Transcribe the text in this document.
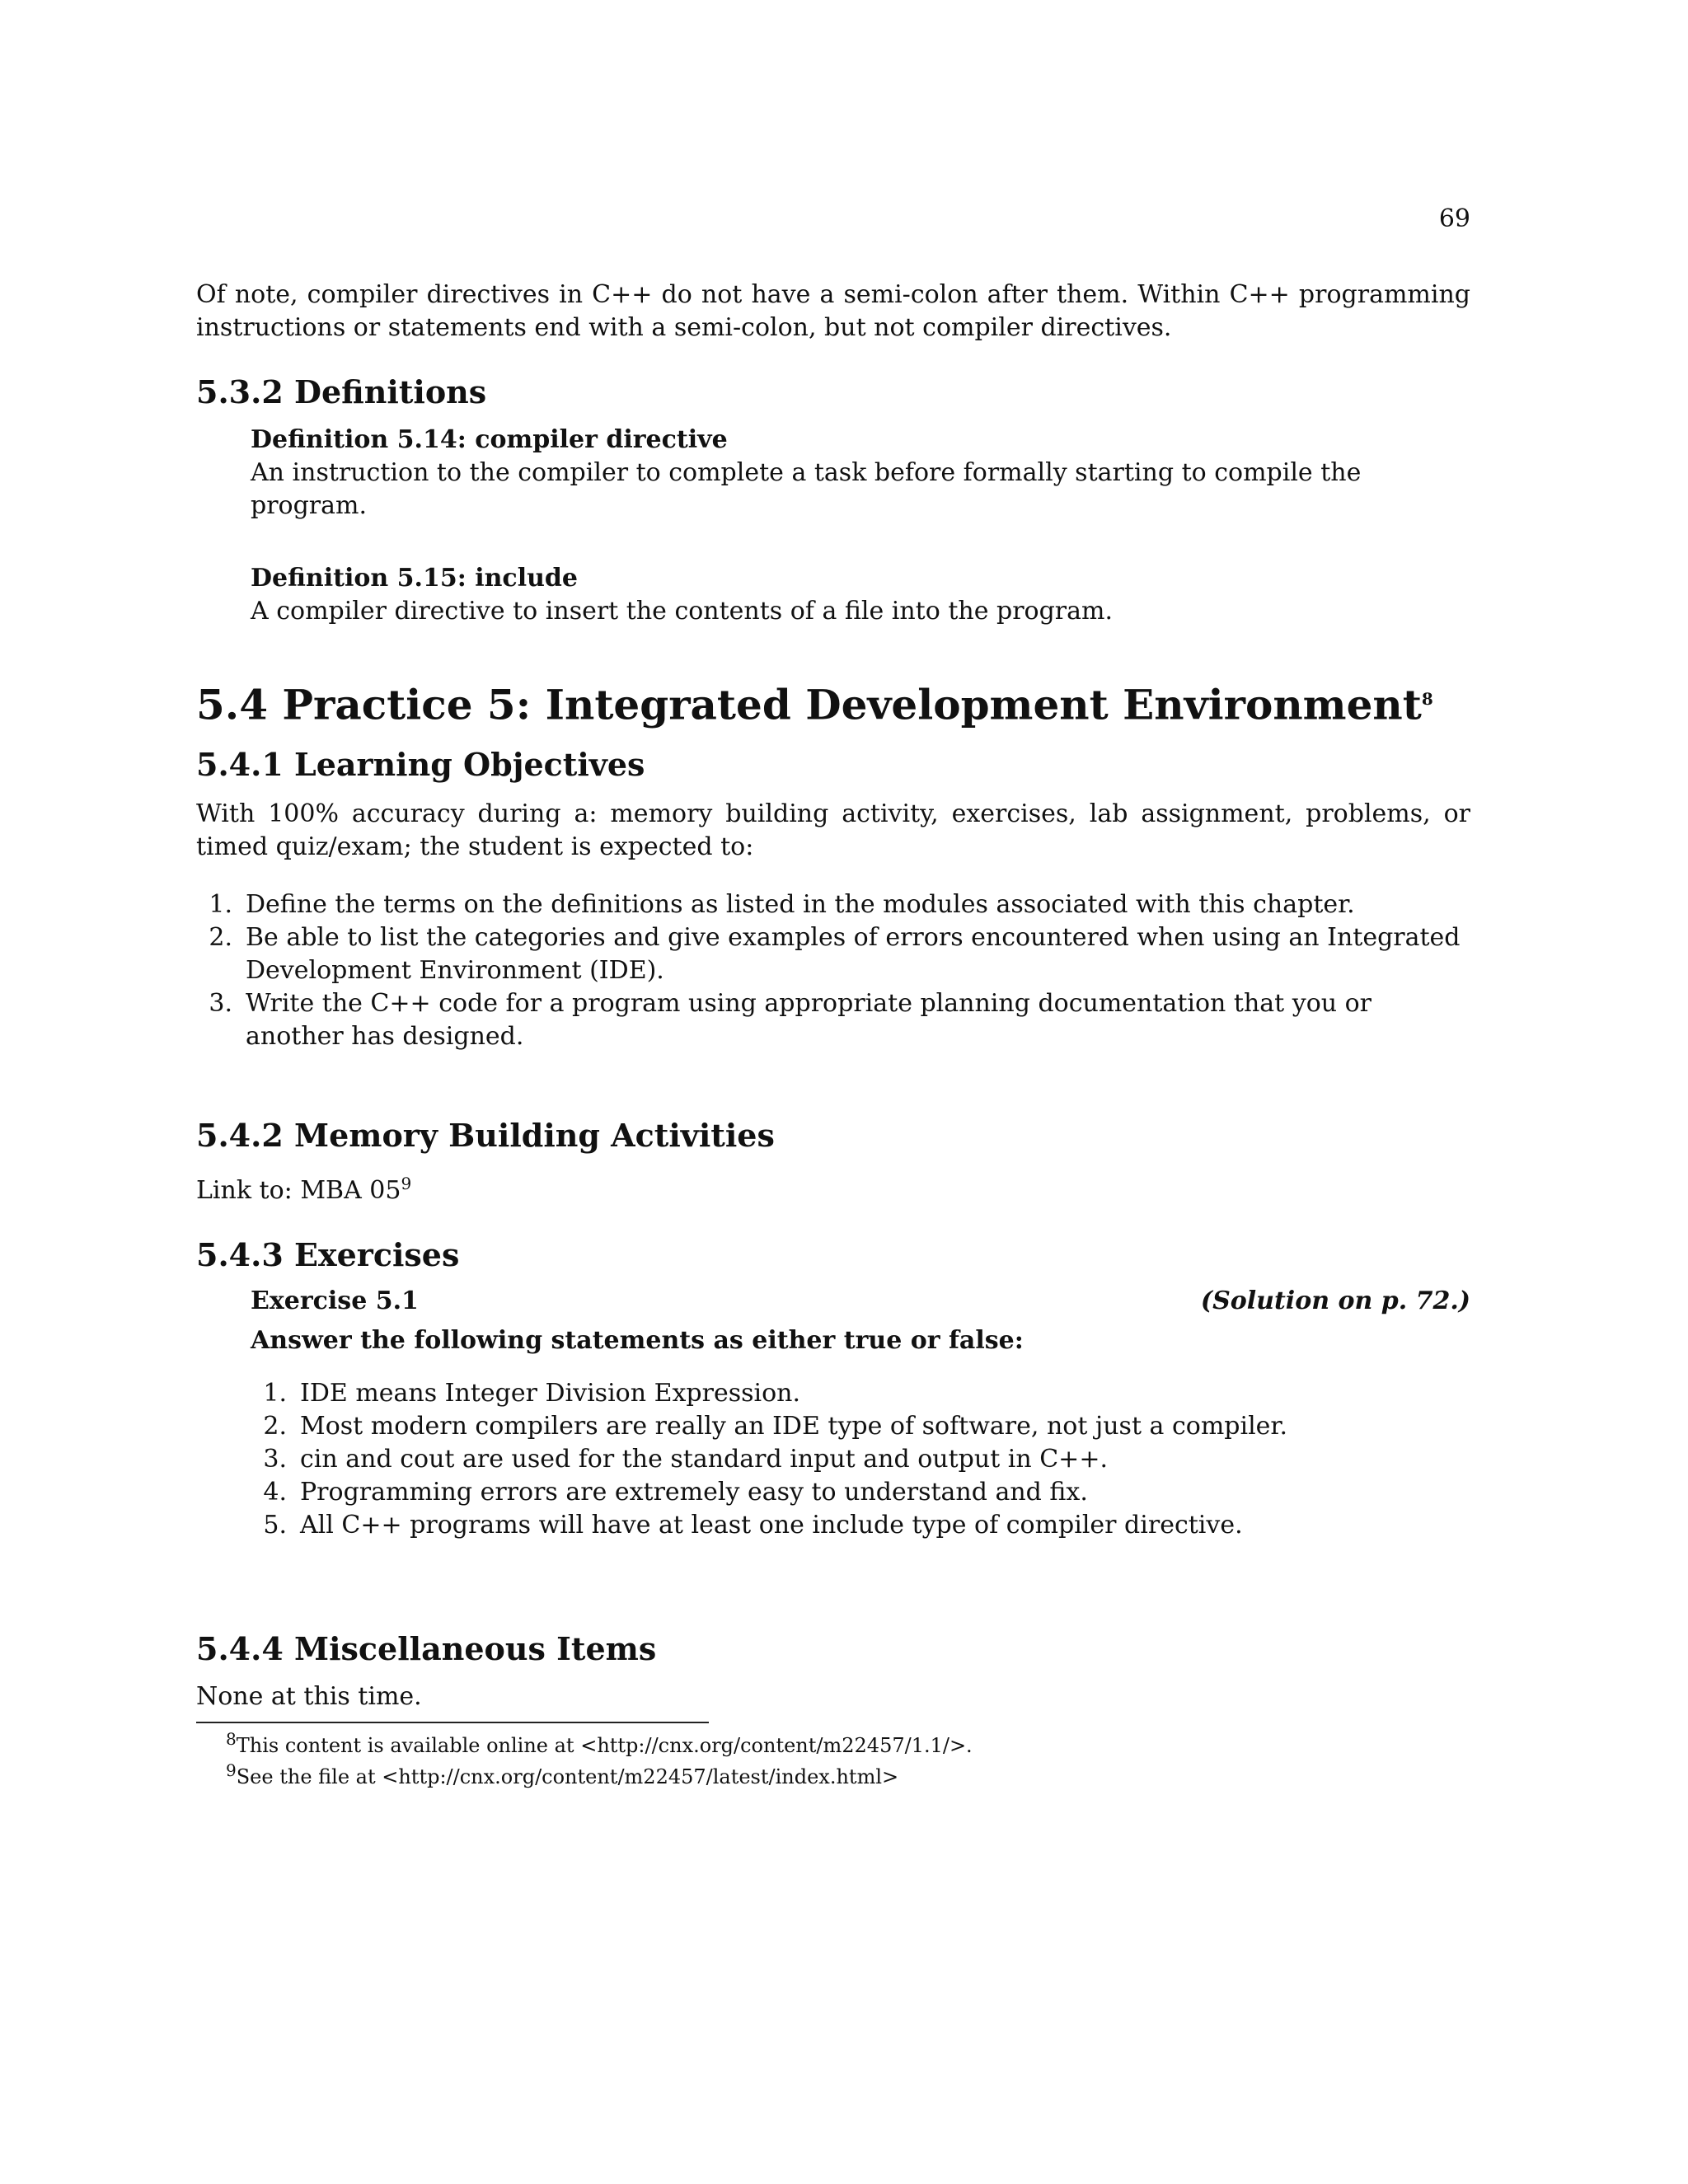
69

Of note, compiler directives in C++ do not have a semi-colon after them. Within C++ programming instructions or statements end with a semi-colon, but not compiler directives.

5.3.2 Definitions
Definition 5.14: compiler directive
An instruction to the compiler to complete a task before formally starting to compile the program.
Definition 5.15: include
A compiler directive to insert the contents of a file into the program.
5.4 Practice 5: Integrated Development Environment$^8$
5.4.1 Learning Objectives

With 100% accuracy during a: memory building activity, exercises, lab assignment, problems, or timed quiz/exam; the student is expected to:

1. Define the terms on the definitions as listed in the modules associated with this chapter.
2. Be able to list the categories and give examples of errors encountered when using an Integrated Development Environment (IDE).
3. Write the C++ code for a program using appropriate planning documentation that you or another has designed.
5.4.2 Memory Building Activities

Link to: MBA $05^9$

5.4.3 Exercises
Exercise 5.1	(Solution on p. 72.)
Answer the following statements as either true or false:
1. IDE means Integer Division Expression.
2. Most modern compilers are really an IDE type of software, not just a compiler.
3. cin and cout are used for the standard input and output in C++.
4. Programming errors are extremely easy to understand and fix.
5. All C++ programs will have at least one include type of compiler directive.
5.4.4 Miscellaneous Items

None at this time.

$^8$This content is available online at <http://cnx.org/content/m22457/1.1/>.
$^9$See the file at <http://cnx.org/content/m22457/latest/index.html>
